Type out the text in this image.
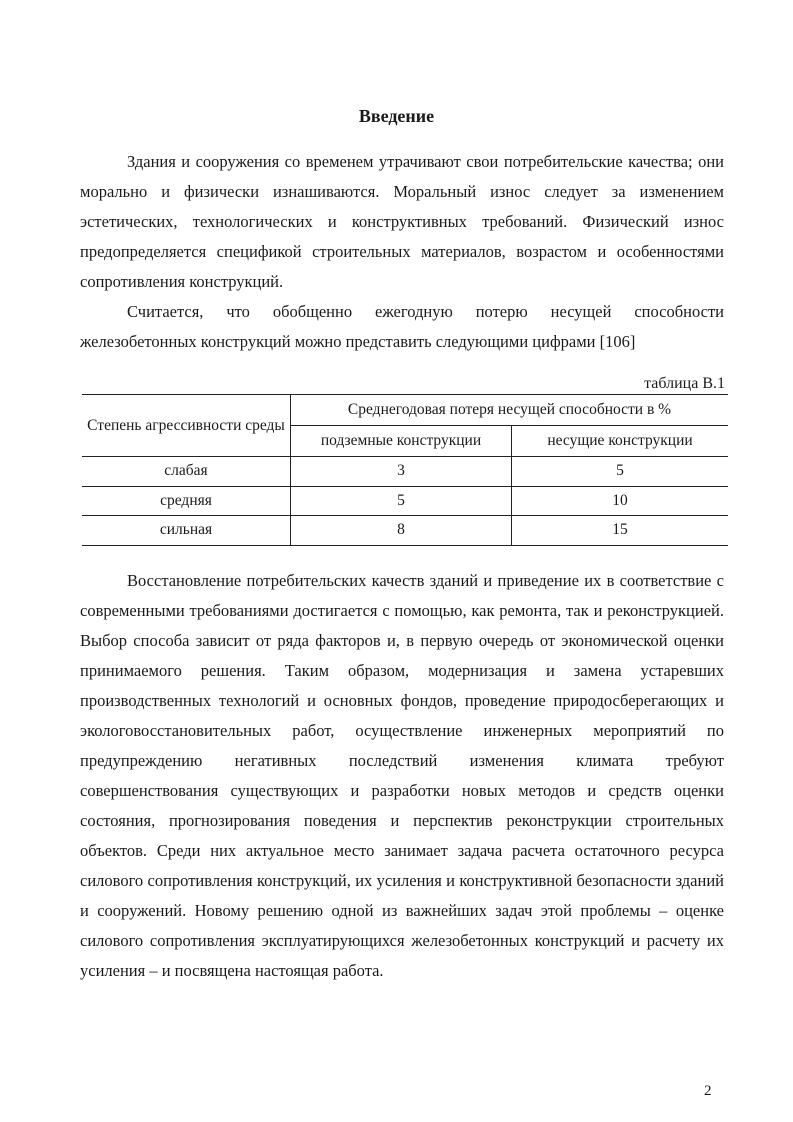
Введение

Здания и сооружения со временем утрачивают свои потребительские качества; они морально и физически изнашиваются. Моральный износ следует за изменением эстетических, технологических и конструктивных требований. Физический износ предопределяется спецификой строительных материалов, возрастом и особенностями сопротивления конструкций.

Считается, что обобщенно ежегодную потерю несущей способности железобетонных конструкций можно представить следующими цифрами [106]

таблица В.1
Степень агрессивности среды	Среднегодовая потеря несущей способности в %	
	подземные конструкции	несущие конструкции
слабая	3	5
средняя	5	10
сильная	8	15

Восстановление потребительских качеств зданий и приведение их в соответствие с современными требованиями достигается с помощью, как ремонта, так и реконструкцией. Выбор способа зависит от ряда факторов и, в первую очередь от экономической оценки принимаемого решения. Таким образом, модернизация и замена устаревших производственных технологий и основных фондов, проведение природосберегающих и экологовосстановительных работ, осуществление инженерных мероприятий по предупреждению негативных последствий изменения климата требуют совершенствования существующих и разработки новых методов и средств оценки состояния, прогнозирования поведения и перспектив реконструкции строительных объектов. Среди них актуальное место занимает задача расчета остаточного ресурса силового сопротивления конструкций, их усиления и конструктивной безопасности зданий и сооружений. Новому решению одной из важнейших задач этой проблемы – оценке силового сопротивления эксплуатирующихся железобетонных конструкций и расчету их усиления – и посвящена настоящая работа.

2
